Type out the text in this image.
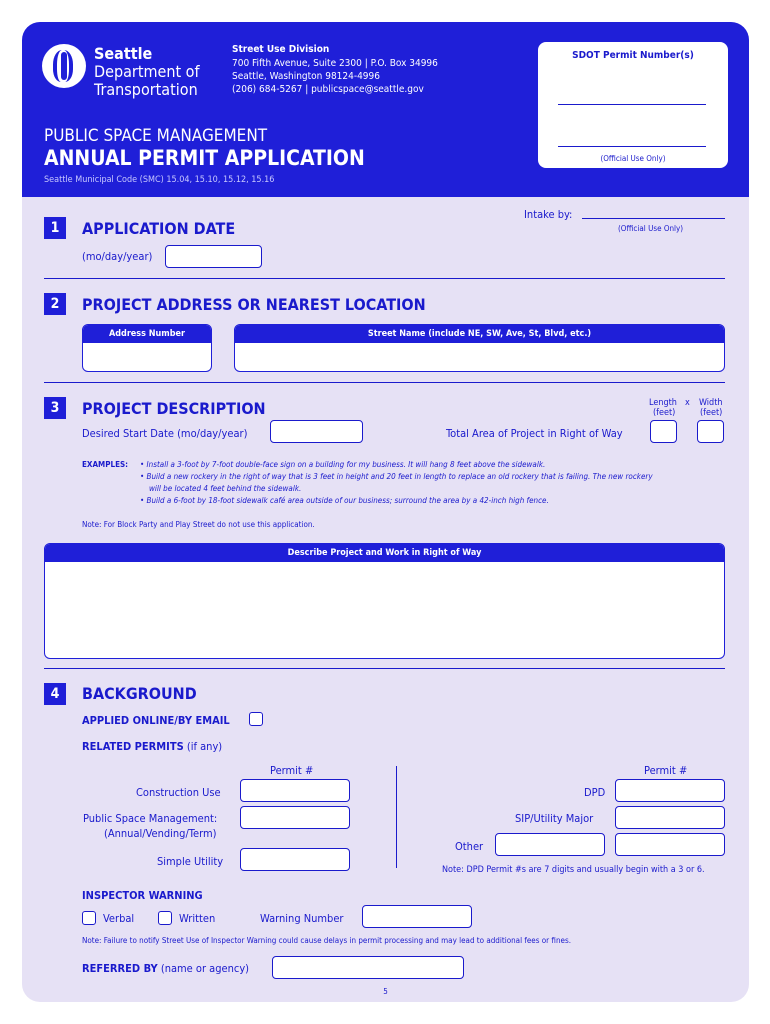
Seattle
Department of
Transportation
Street Use Division
700 Fifth Avenue, Suite 2300 | P.O. Box 34996
Seattle, Washington 98124-4996
(206) 684-5267 | publicspace@seattle.gov
PUBLIC SPACE MANAGEMENT
ANNUAL PERMIT APPLICATION
Seattle Municipal Code (SMC) 15.04, 15.10, 15.12, 15.16
SDOT Permit Number(s)
(Official Use Only)
Intake by:
(Official Use Only)
1	APPLICATION DATE
(mo/day/year)
2	PROJECT ADDRESS OR NEAREST LOCATION
Address Number	Street Name (include NE, SW, Ave, St, Blvd, etc.)
3	PROJECT DESCRIPTION
Desired Start Date (mo/day/year)
Length x Width
(feet)	(feet)
Total Area of Project in Right of Way
EXAMPLES: • Install a 3-foot by 7-foot double-face sign on a building for my business. It will hang 8 feet above the sidewalk.
• Build a new rockery in the right of way that is 3 feet in height and 20 feet in length to replace an old rockery that is failing. The new rockery
will be located 4 feet behind the sidewalk.
• Build a 6-foot by 18-foot sidewalk café area outside of our business; surround the area by a 42-inch high fence.
Note: For Block Party and Play Street do not use this application.
Describe Project and Work in Right of Way
4	BACKGROUND
APPLIED ONLINE/BY EMAIL
RELATED PERMITS (if any)
Permit #	Permit #
Construction Use
Public Space Management:
(Annual/Vending/Term)
Simple Utility
DPD
SIP/Utility Major
Other
Note: DPD Permit #s are 7 digits and usually begin with a 3 or 6.
INSPECTOR WARNING
Verbal	Written	Warning Number
Note: Failure to notify Street Use of Inspector Warning could cause delays in permit processing and may lead to additional fees or fines.
REFERRED BY (name or agency)
5
